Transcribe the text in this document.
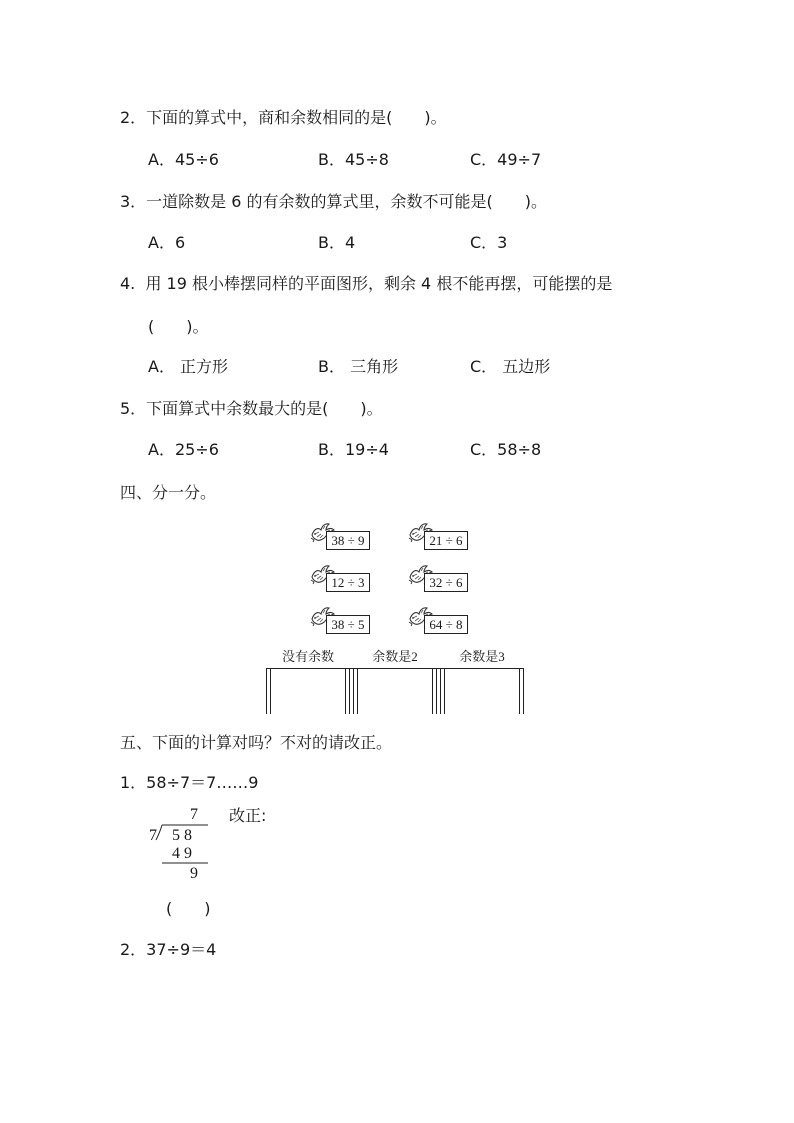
2．下面的算式中，商和余数相同的是(　　)。
A．45÷6	B．45÷8	C．49÷7
3．一道除数是 6 的有余数的算式里，余数不可能是(　　)。
A．6	B．4	C．3
4.  用 19 根小棒摆同样的平面图形，剩余 4 根不能再摆，可能摆的是
(　　)。
A． 正方形	B． 三角形	C． 五边形
5．下面算式中余数最大的是(　　)。
A．25÷6	B．19÷4	C．58÷8
四、分一分。
38 ÷ 9	21 ÷ 6
12 ÷ 3	32 ÷ 6
38 ÷ 5	64 ÷ 8
没有余数	余数是2	余数是3
五、下面的计算对吗？不对的请改正。
1．58÷7＝7……9
7
7 5 8
4 9
9
改正:
(　　)
2．37÷9＝4
